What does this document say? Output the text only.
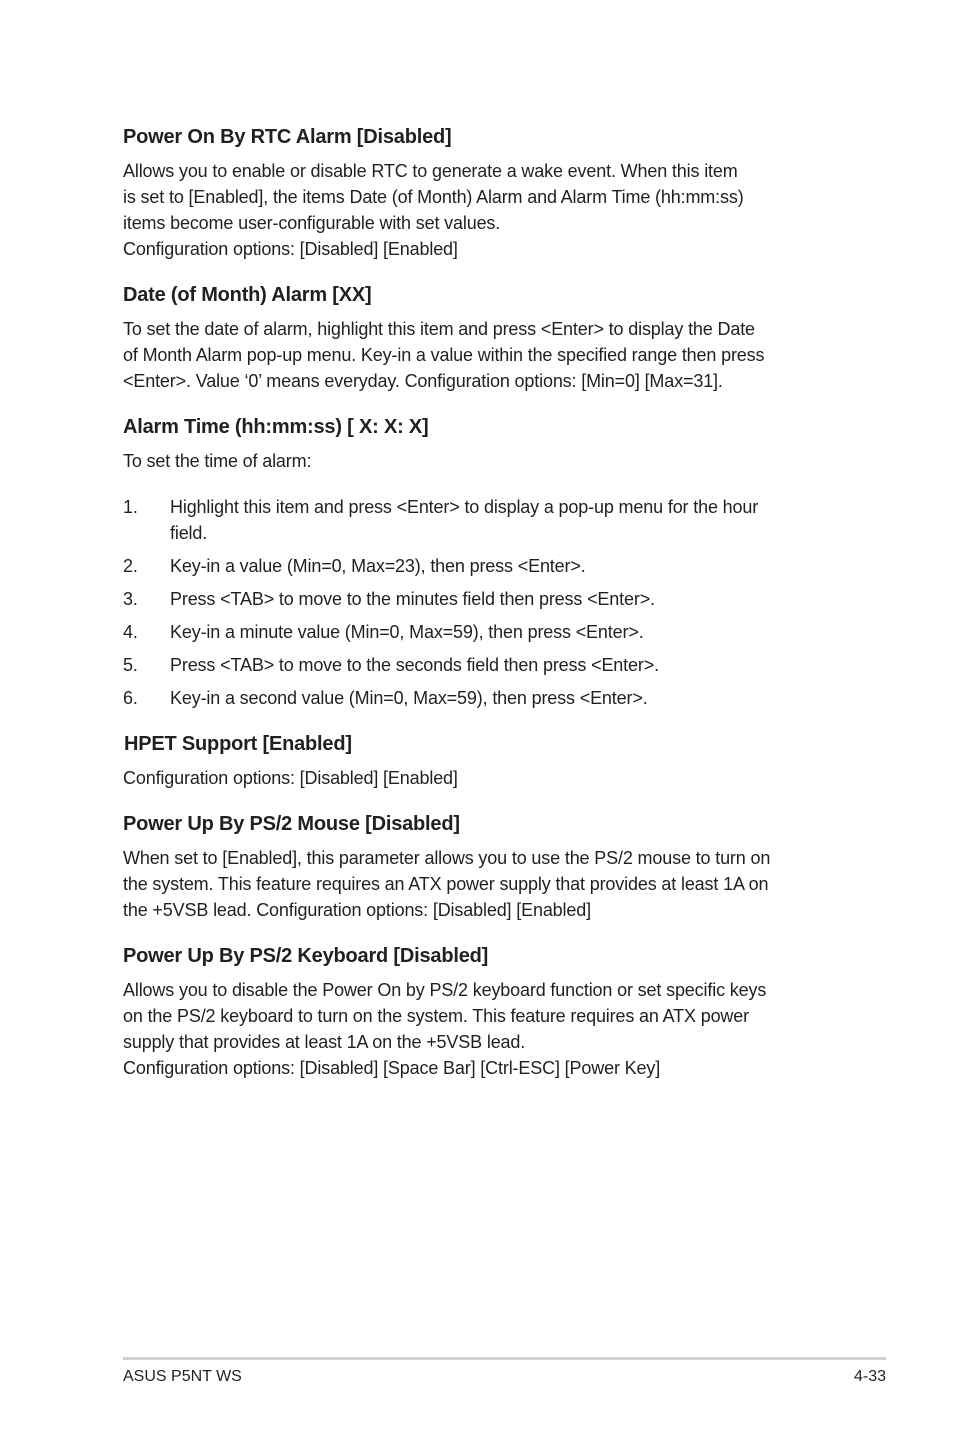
Power On By RTC Alarm [Disabled]

Allows you to enable or disable RTC to generate a wake event. When this item

is set to [Enabled], the items Date (of Month) Alarm and Alarm Time (hh:mm:ss)

items become user-configurable with set values.

Configuration options: [Disabled] [Enabled]

Date (of Month) Alarm [XX]

To set the date of alarm, highlight this item and press <Enter> to display the Date

of Month Alarm pop-up menu. Key-in a value within the specified range then press

<Enter>. Value ‘0’ means everyday. Configuration options: [Min=0] [Max=31].

Alarm Time (hh:mm:ss) [ X: X: X]

To set the time of alarm:

1. Highlight this item and press <Enter> to display a pop-up menu for the hour
field.
2. Key-in a value (Min=0, Max=23), then press <Enter>.
3. Press <TAB> to move to the minutes field then press <Enter>.
4. Key-in a minute value (Min=0, Max=59), then press <Enter>.
5. Press <TAB> to move to the seconds field then press <Enter>.
6. Key-in a second value (Min=0, Max=59), then press <Enter>.
HPET Support [Enabled]

Configuration options: [Disabled] [Enabled]

Power Up By PS/2 Mouse [Disabled]

When set to [Enabled], this parameter allows you to use the PS/2 mouse to turn on

the system. This feature requires an ATX power supply that provides at least 1A on

the +5VSB lead. Configuration options: [Disabled] [Enabled]

Power Up By PS/2 Keyboard [Disabled]

Allows you to disable the Power On by PS/2 keyboard function or set specific keys

on the PS/2 keyboard to turn on the system. This feature requires an ATX power

supply that provides at least 1A on the +5VSB lead.

Configuration options: [Disabled] [Space Bar] [Ctrl-ESC] [Power Key]

ASUS P5NT WS	4-33
